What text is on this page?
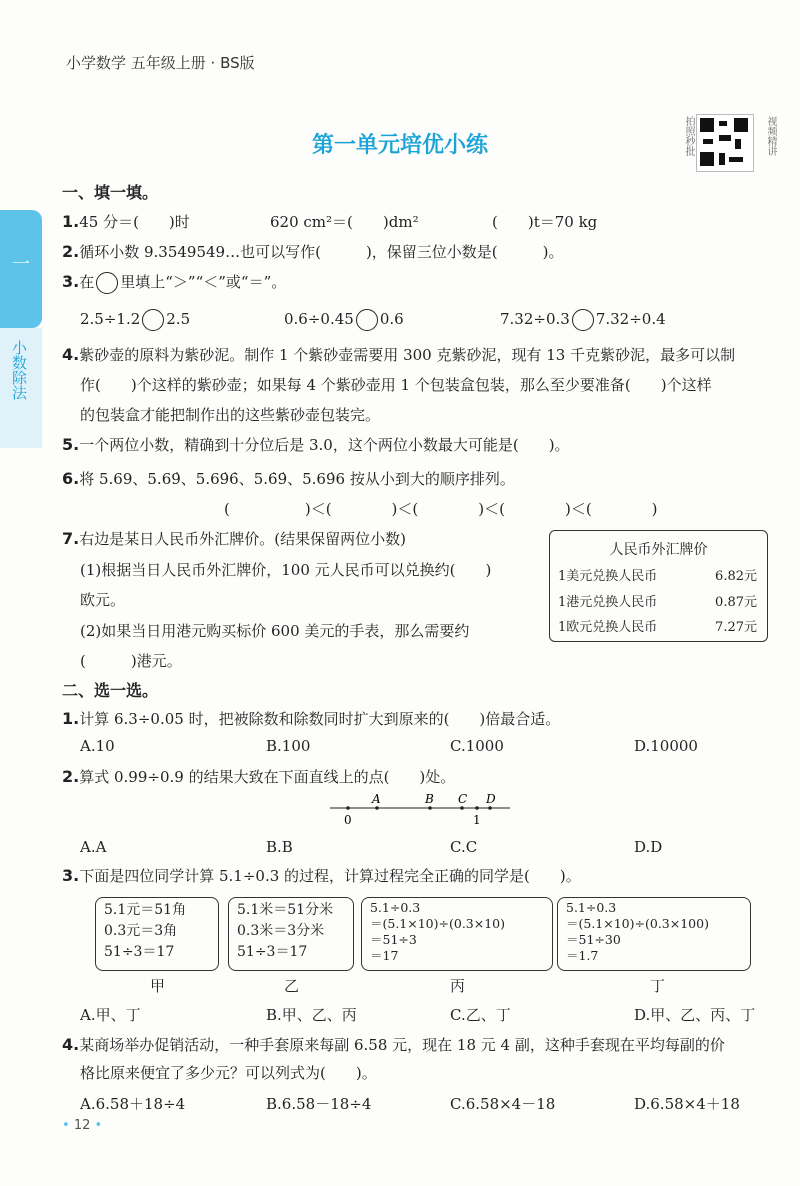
小学数学 五年级上册 · BS版
第一单元培优小练	拍照秒批	视频精讲
一
小数除法
一、填一填。
1.45 分＝(　　)时	620 cm²＝(　　)dm²	(　　)t＝70 kg
2.循环小数 9.3549549…也可以写作(　　　)，保留三位小数是(　　　)。
3.在 里填上“＞”“＜”或“＝”。
2.5÷1.2 2.5	0.6÷0.45 0.6	7.32÷0.3 7.32÷0.4
4.紫砂壶的原料为紫砂泥。制作 1 个紫砂壶需要用 300 克紫砂泥，现有 13 千克紫砂泥，最多可以制
作(　　)个这样的紫砂壶；如果每 4 个紫砂壶用 1 个包装盒包装，那么至少要准备(　　)个这样
的包装盒才能把制作出的这些紫砂壶包装完。
5.一个两位小数，精确到十分位后是 3.0，这个两位小数最大可能是(　　)。
6.将 5.69、5.69̇、5.69̇6̇、5.6̇9̇、5.69̇6 按从小到大的顺序排列。
(　　　　　)＜(　　　　)＜(　　　　)＜(　　　　)＜(　　　　)
7.右边是某日人民币外汇牌价。(结果保留两位小数)
(1)根据当日人民币外汇牌价，100 元人民币可以兑换约(　　)
欧元。
(2)如果当日用港元购买标价 600 美元的手表，那么需要约
(　　　)港元。
人民币外汇牌价
1美元兑换人民币	6.82元
1港元兑换人民币	0.87元
1欧元兑换人民币	7.27元
二、选一选。
1.计算 6.3÷0.05 时，把被除数和除数同时扩大到原来的(　　)倍最合适。
A.10	B.100	C.1000	D.10000
2.算式 0.99÷0.9 的结果大致在下面直线上的点(　　)处。
A	B C D
0	1
A.A	B.B	C.C	D.D
3.下面是四位同学计算 5.1÷0.3 的过程，计算过程完全正确的同学是(　　)。
5.1元＝51角
0.3元＝3角
51÷3＝17
5.1米＝51分米
0.3米＝3分米
51÷3＝17
5.1÷0.3
＝(5.1×10)÷(0.3×10)
＝51÷3
＝17
5.1÷0.3
＝(5.1×10)÷(0.3×100)
＝51÷30
＝1.7
甲	乙	丙	丁
A.甲、丁	B.甲、乙、丙	C.乙、丁	D.甲、乙、丙、丁
4.某商场举办促销活动，一种手套原来每副 6.58 元，现在 18 元 4 副，这种手套现在平均每副的价
格比原来便宜了多少元？可以列式为(　　)。
A.6.58＋18÷4	B.6.58－18÷4	C.6.58×4－18	D.6.58×4＋18
• 12 •
